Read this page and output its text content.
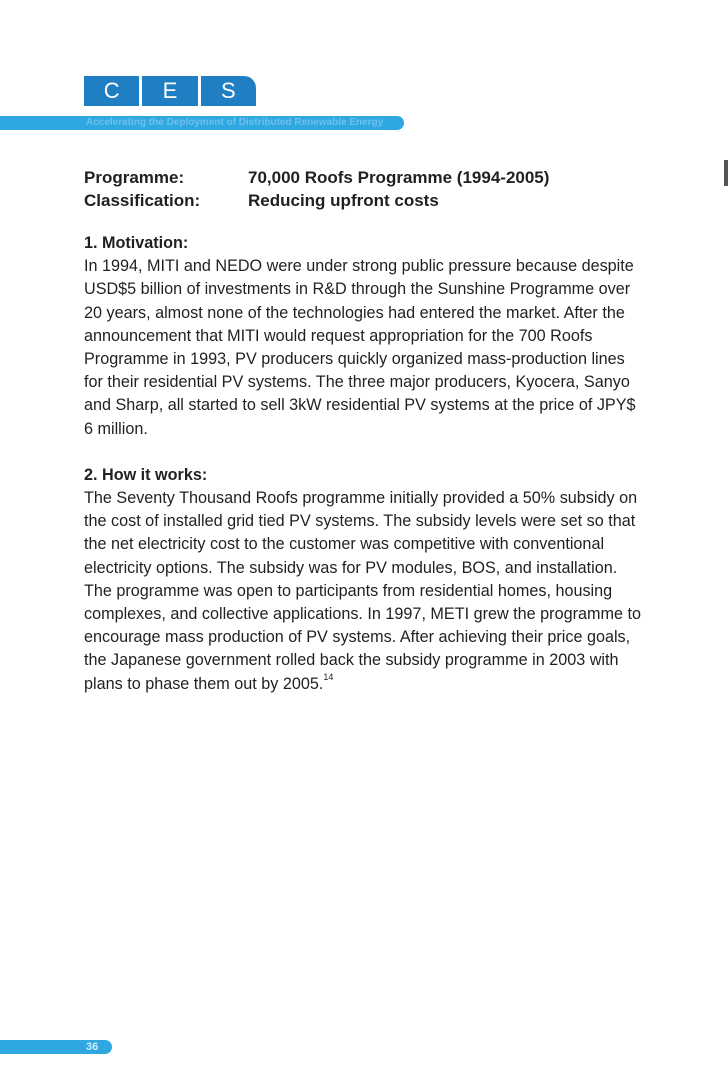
C	E	S
Accelerating the Deployment of Distributed Renewable Energy
Programme:	70,000 Roofs Programme (1994-2005)
Classification:	Reducing upfront costs

1. Motivation:

In 1994, MITI and NEDO were under strong public pressure because despite USD$5 billion of investments in R&D through the Sunshine Programme over 20 years, almost none of the technologies had entered the market. After the announcement that MITI would request appropriation for the 700 Roofs Programme in 1993, PV producers quickly organized mass-production lines for their residential PV systems. The three major producers, Kyocera, Sanyo and Sharp, all started to sell 3kW residential PV systems at the price of JPY$ 6 million.

2. How it works:

The Seventy Thousand Roofs programme initially provided a 50% subsidy on the cost of installed grid tied PV systems. The subsidy levels were set so that the net electricity cost to the customer was competitive with conventional electricity options. The subsidy was for PV modules, BOS, and installation. The programme was open to participants from residential homes, housing complexes, and collective applications. In 1997, METI grew the programme to encourage mass production of PV systems. After achieving their price goals, the Japanese government rolled back the subsidy programme in 2003 with plans to phase them out by 2005.14

36
